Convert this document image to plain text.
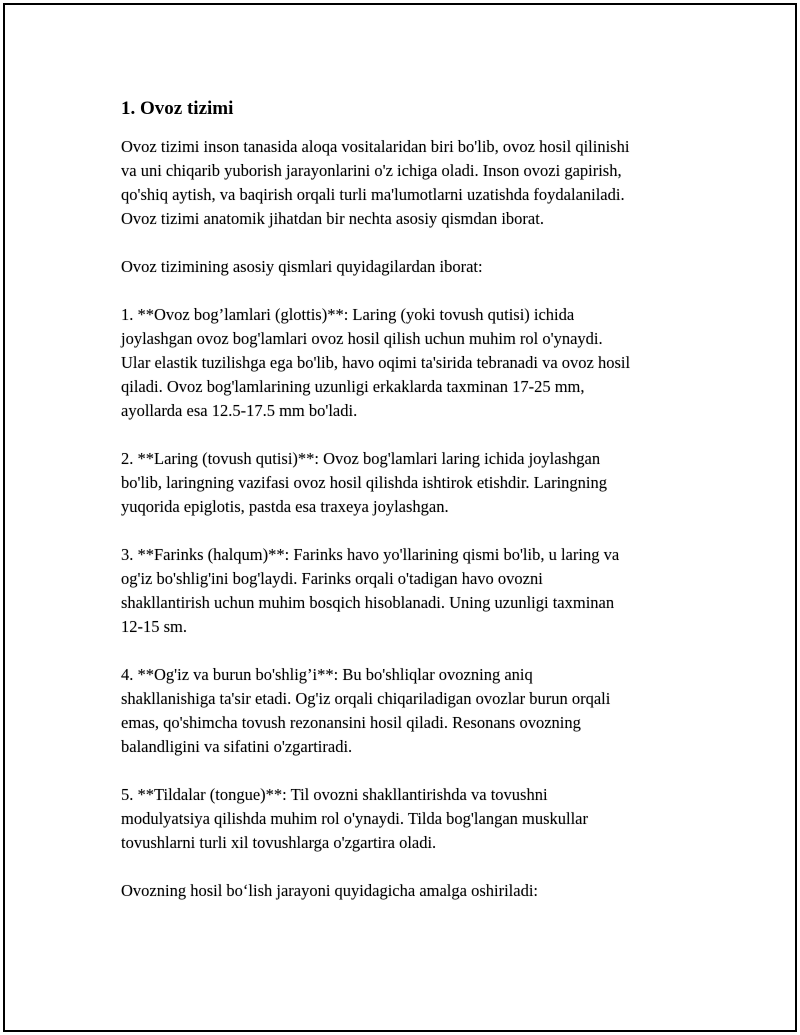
1. Ovoz tizimi

Ovoz tizimi inson tanasida aloqa vositalaridan biri bo'lib, ovoz hosil qilinishi
va uni chiqarib yuborish jarayonlarini o'z ichiga oladi. Inson ovozi gapirish,
qo'shiq aytish, va baqirish orqali turli ma'lumotlarni uzatishda foydalaniladi.
Ovoz tizimi anatomik jihatdan bir nechta asosiy qismdan iborat.

Ovoz tizimining asosiy qismlari quyidagilardan iborat:

1. **Ovoz bog’lamlari (glottis)**: Laring (yoki tovush qutisi) ichida
joylashgan ovoz bog'lamlari ovoz hosil qilish uchun muhim rol o'ynaydi.
Ular elastik tuzilishga ega bo'lib, havo oqimi ta'sirida tebranadi va ovoz hosil
qiladi. Ovoz bog'lamlarining uzunligi erkaklarda taxminan 17-25 mm,
ayollarda esa 12.5-17.5 mm bo'ladi.

2. **Laring (tovush qutisi)**: Ovoz bog'lamlari laring ichida joylashgan
bo'lib, laringning vazifasi ovoz hosil qilishda ishtirok etishdir. Laringning
yuqorida epiglotis, pastda esa traxeya joylashgan.

3. **Farinks (halqum)**: Farinks havo yo'llarining qismi bo'lib, u laring va
og'iz bo'shlig'ini bog'laydi. Farinks orqali o'tadigan havo ovozni
shakllantirish uchun muhim bosqich hisoblanadi. Uning uzunligi taxminan
12-15 sm.

4. **Og'iz va burun bo'shlig’i**: Bu bo'shliqlar ovozning aniq
shakllanishiga ta'sir etadi. Og'iz orqali chiqariladigan ovozlar burun orqali
emas, qo'shimcha tovush rezonansini hosil qiladi. Resonans ovozning
balandligini va sifatini o'zgartiradi.

5. **Tildalar (tongue)**: Til ovozni shakllantirishda va tovushni
modulyatsiya qilishda muhim rol o'ynaydi. Tilda bog'langan muskullar
tovushlarni turli xil tovushlarga o'zgartira oladi.

Ovozning hosil bo‘lish jarayoni quyidagicha amalga oshiriladi:
